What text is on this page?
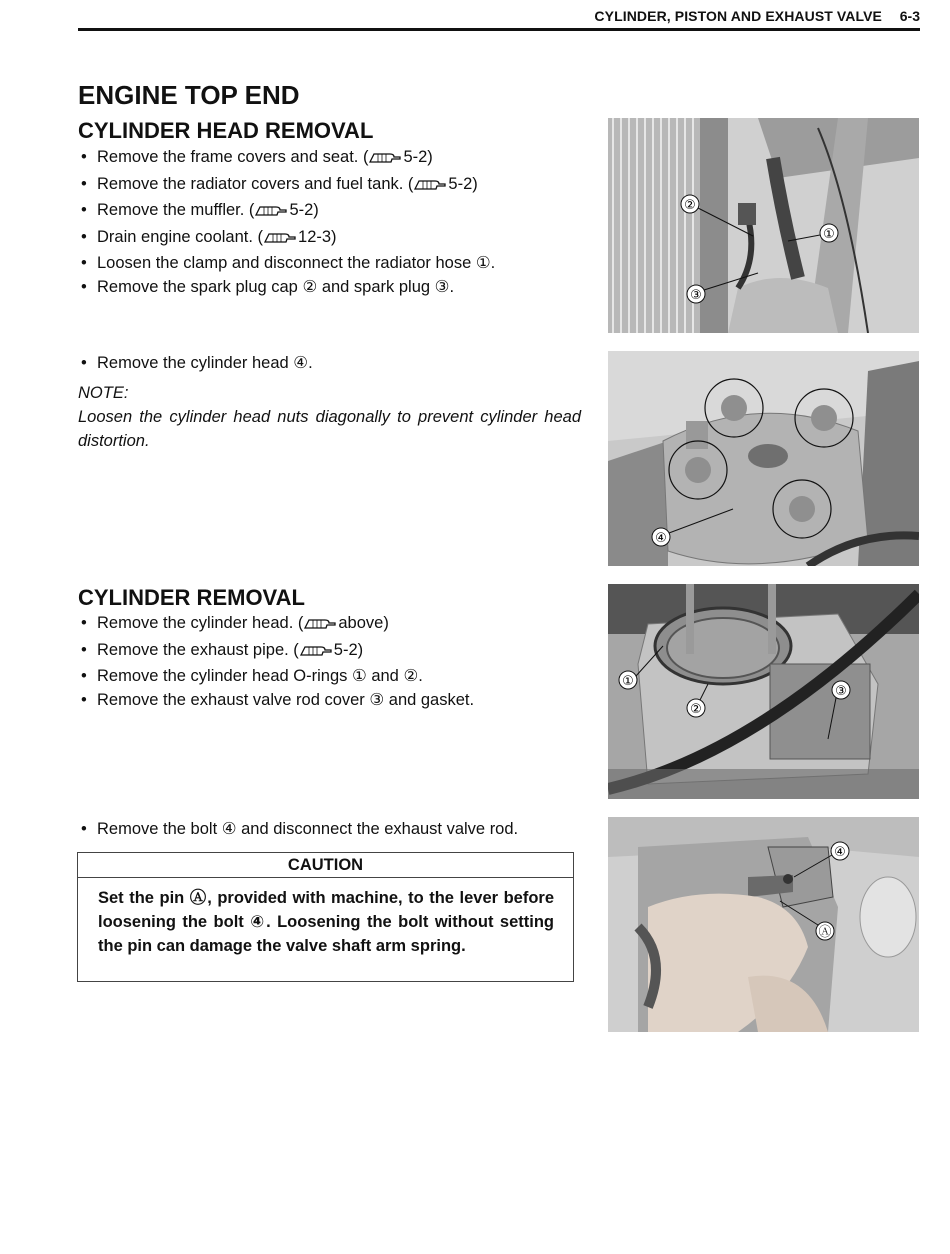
CYLINDER, PISTON AND EXHAUST VALVE 6-3
ENGINE TOP END
CYLINDER HEAD REMOVAL
• Remove the frame covers and seat. ( 5-2)
• Remove the radiator covers and fuel tank. ( 5-2)
• Remove the muffler. ( 5-2)
• Drain engine coolant. ( 12-3)
• Loosen the clamp and disconnect the radiator hose ①.
• Remove the spark plug cap ② and spark plug ③.
• Remove the cylinder head ④.
NOTE:

Loosen the cylinder head nuts diagonally to prevent cylinder head distortion.

CYLINDER REMOVAL
• Remove the cylinder head. ( above)
• Remove the exhaust pipe. ( 5-2)
• Remove the cylinder head O-rings ① and ②.
• Remove the exhaust valve rod cover ③ and gasket.
• Remove the bolt ④ and disconnect the exhaust valve rod.
CAUTION
Set the pin Ⓐ, provided with machine, to the lever before loosening the bolt ④. Loosening the bolt without setting the pin can damage the valve shaft arm spring.
①
②
③
④
①
②
③
④
Ⓐ
